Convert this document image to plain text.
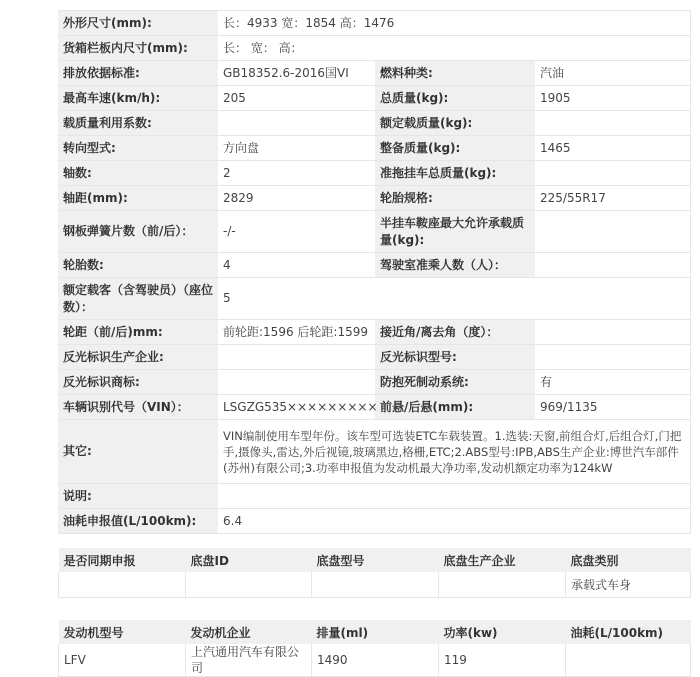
外形尺寸(mm):	长：4933 宽：1854 高：1476		
货箱栏板内尺寸(mm):	长： 宽： 高：		
排放依据标准:	GB18352.6-2016国VI	燃料种类:	汽油
最高车速(km/h):	205	总质量(kg):	1905
载质量利用系数:		额定载质量(kg):	
转向型式:	方向盘	整备质量(kg):	1465
轴数:	2	准拖挂车总质量(kg):	
轴距(mm):	2829	轮胎规格:	225/55R17
钢板弹簧片数（前/后）：	-/-	半挂车鞍座最大允许承载质量(kg):	
轮胎数:	4	驾驶室准乘人数（人）：	
额定载客（含驾驶员）（座位数）：	5		
轮距（前/后)mm:	前轮距:1596 后轮距:1599	接近角/离去角（度）：	
反光标识生产企业:		反光标识型号:	
反光标识商标:		防抱死制动系统:	有
车辆识别代号（VIN）：	LSGZG535×××××××××	前悬/后悬(mm):	969/1135
其它:	VIN编制使用车型年份。该车型可选装ETC车载装置。1.选装:天窗,前组合灯,后组合灯,门把手,摄像头,雷达,外后视镜,玻璃黑边,格栅,ETC;2.ABS型号:IPB,ABS生产企业:博世汽车部件(苏州)有限公司;3.功率申报值为发动机最大净功率,发动机额定功率为124kW		
说明:			
油耗申报值(L/100km):	6.4		
是否同期申报	底盘ID	底盘型号	底盘生产企业	底盘类别
				承载式车身
发动机型号	发动机企业	排量(ml)	功率(kw)	油耗(L/100km)
LFV	上汽通用汽车有限公司	1490	119	
